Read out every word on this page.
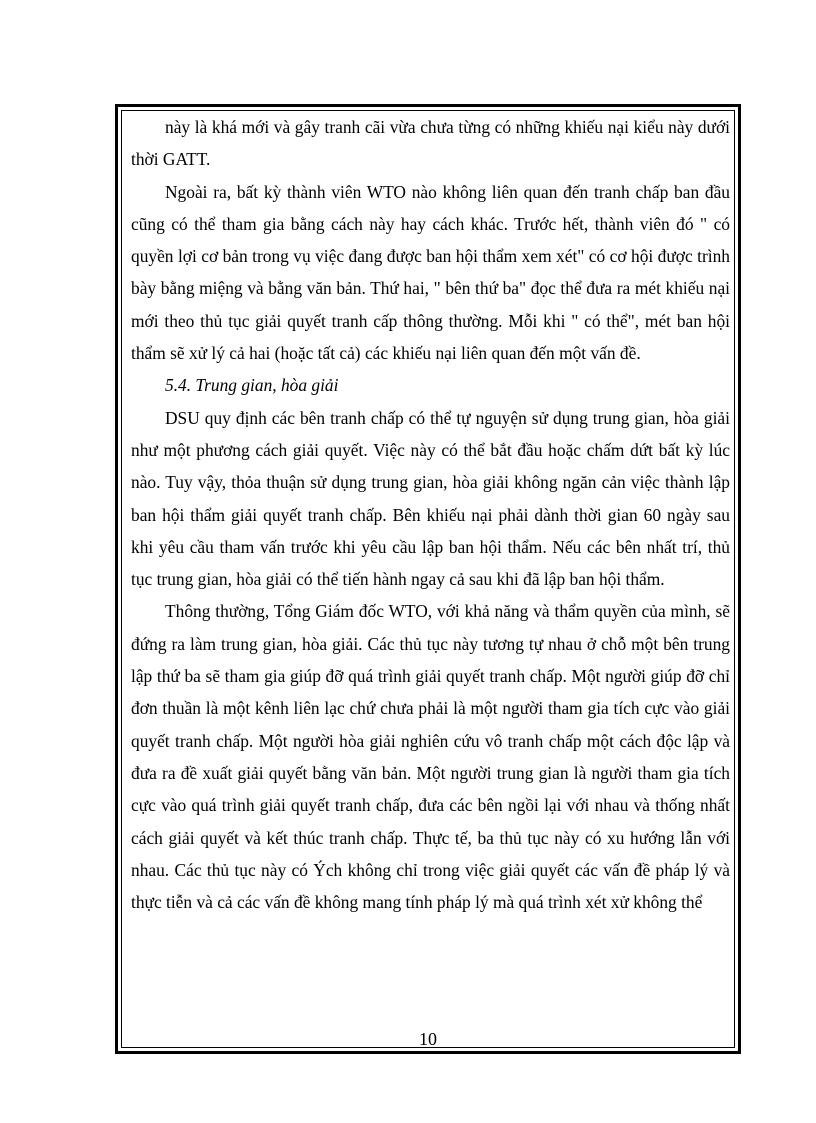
này là khá mới và gây tranh cãi vừa chưa từng có những khiếu nại kiểu này dưới thời GATT.

Ngoài ra, bất kỳ thành viên WTO nào không liên quan đến tranh chấp ban đầu cũng có thể tham gia bằng cách này hay cách khác. Trước hết, thành viên đó " có quyền lợi cơ bản trong vụ việc đang được ban hội thẩm xem xét" có cơ hội được trình bày bằng miệng và bằng văn bản. Thứ hai, " bên thứ ba" đọc thể đưa ra mét khiếu nại mới theo thủ tục giải quyết tranh cấp thông thường. Mỗi khi " có thể", mét ban hội thẩm sẽ xử lý cả hai (hoặc tất cả) các khiếu nại liên quan đến một vấn đề.

5.4. Trung gian, hòa giải

DSU quy định các bên tranh chấp có thể tự nguyện sử dụng trung gian, hòa giải như một phương cách giải quyết. Việc này có thể bắt đầu hoặc chấm dứt bất kỳ lúc nào. Tuy vậy, thỏa thuận sử dụng trung gian, hòa giải không ngăn cản việc thành lập ban hội thẩm giải quyết tranh chấp. Bên khiếu nại phải dành thời gian 60 ngày sau khi yêu cầu tham vấn trước khi yêu cầu lập ban hội thẩm. Nếu các bên nhất trí, thủ tục trung gian, hòa giải có thể tiến hành ngay cả sau khi đã lập ban hội thẩm.

Thông thường, Tổng Giám đốc WTO, với khả năng và thẩm quyền của mình, sẽ đứng ra làm trung gian, hòa giải. Các thủ tục này tương tự nhau ở chỗ một bên trung lập thứ ba sẽ tham gia giúp đỡ quá trình giải quyết tranh chấp. Một người giúp đỡ chỉ đơn thuần là một kênh liên lạc chứ chưa phải là một người tham gia tích cực vào giải quyết tranh chấp. Một người hòa giải nghiên cứu vô tranh chấp một cách độc lập và đưa ra đề xuất giải quyết bằng văn bản. Một người trung gian là người tham gia tích cực vào quá trình giải quyết tranh chấp, đưa các bên ngồi lại với nhau và thống nhất cách giải quyết và kết thúc tranh chấp. Thực tế, ba thủ tục này có xu hướng lẫn với nhau. Các thủ tục này có Ých không chỉ trong việc giải quyết các vấn đề pháp lý và thực tiễn và cả các vấn đề không mang tính pháp lý mà quá trình xét xử không thể

10
